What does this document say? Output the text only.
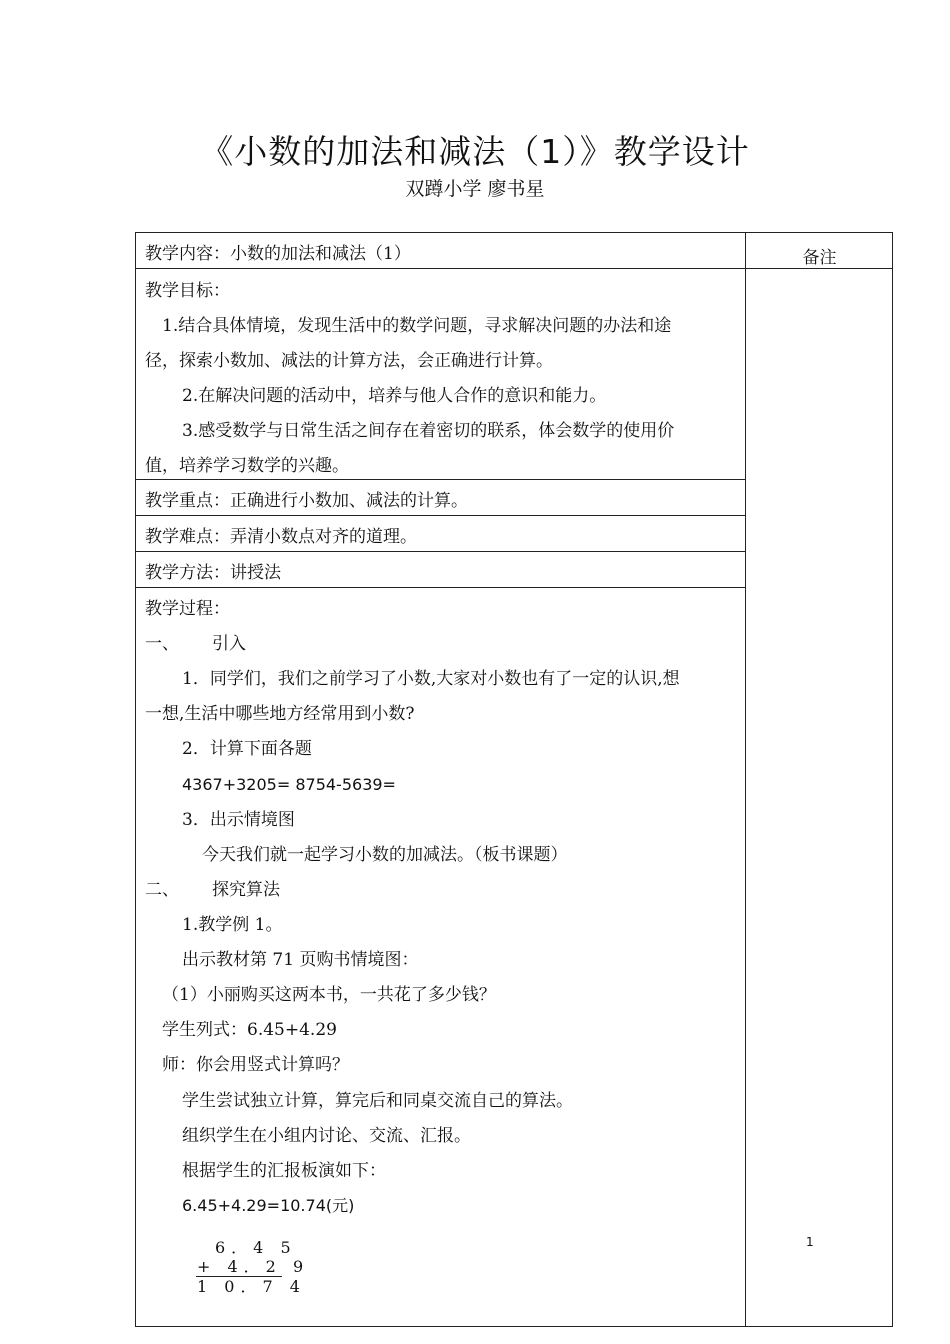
《小数的加法和减法（1）》教学设计
双蹲小学 廖书星
教学内容：小数的加法和减法（1）	备注
教学目标：
1.结合具体情境，发现生活中的数学问题，寻求解决问题的办法和途
径，探索小数加、减法的计算方法，会正确进行计算。
2.在解决问题的活动中，培养与他人合作的意识和能力。
3.感受数学与日常生活之间存在着密切的联系，体会数学的使用价
值，培养学习数学的兴趣。
教学重点：正确进行小数加、减法的计算。
教学难点：弄清小数点对齐的道理。
教学方法：讲授法
教学过程：
一、 引入
1．同学们，我们之前学习了小数,大家对小数也有了一定的认识,想
一想,生活中哪些地方经常用到小数?
2．计算下面各题
4367+3205= 8754-5639=
3．出示情境图
今天我们就一起学习小数的加减法。（板书课题）
二、 探究算法
1.教学例 1。
出示教材第 71 页购书情境图：
（1）小丽购买这两本书，一共花了多少钱？
学生列式：6.45+4.29
师：你会用竖式计算吗？
学生尝试独立计算，算完后和同桌交流自己的算法。
组织学生在小组内讨论、交流、汇报。
根据学生的汇报板演如下：
6.45+4.29=10.74(元)
6．4 5
+ 4．2 9
1 0．7 4
1
